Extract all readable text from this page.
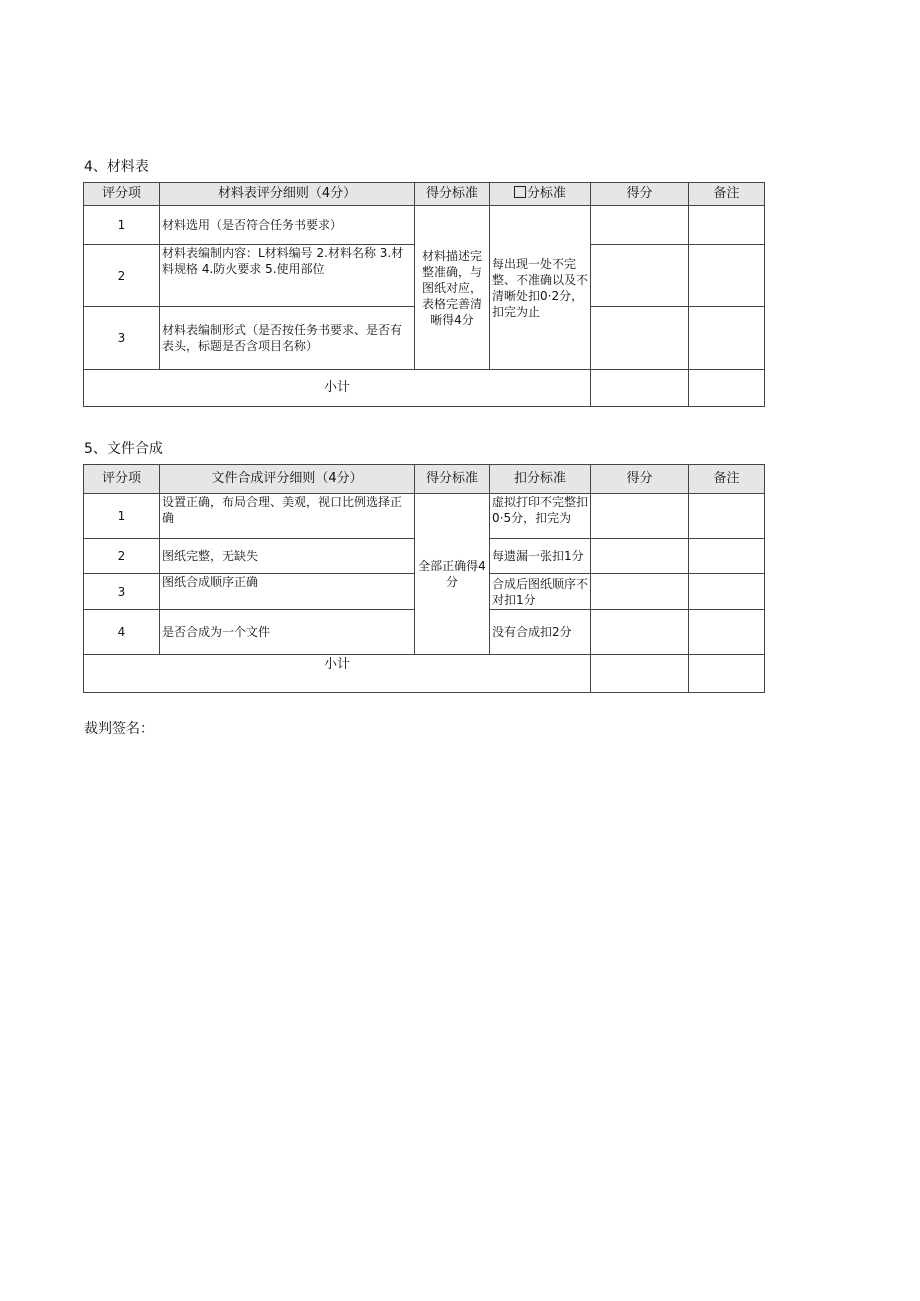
4、材料表
评分项	材料表评分细则（4分）	得分标准	分标准	得分	备注
1	材料选用（是否符合任务书要求）	材料描述完整准确，与图纸对应，表格完善清晰得4分	每出现一处不完整、不准确以及不清晰处扣0·2分，扣完为止		
2	材料表编制内容：L材料编号 2.材料名称 3.材料规格 4.防火要求 5.使用部位				
3	材料表编制形式（是否按任务书要求、是否有表头，标题是否含项目名称）				
小计					
5、文件合成
评分项	文件合成评分细则（4分）	得分标准	扣分标准	得分	备注
1	设置正确，布局合理、美观，视口比例选择正确	全部正确得4分	虚拟打印不完整扣0·5分，扣完为		
2	图纸完整，无缺失		每遗漏一张扣1分		
3	图纸合成顺序正确		合成后图纸顺序不对扣1分		
4	是否合成为一个文件		没有合成扣2分		
小计					
裁判签名：
